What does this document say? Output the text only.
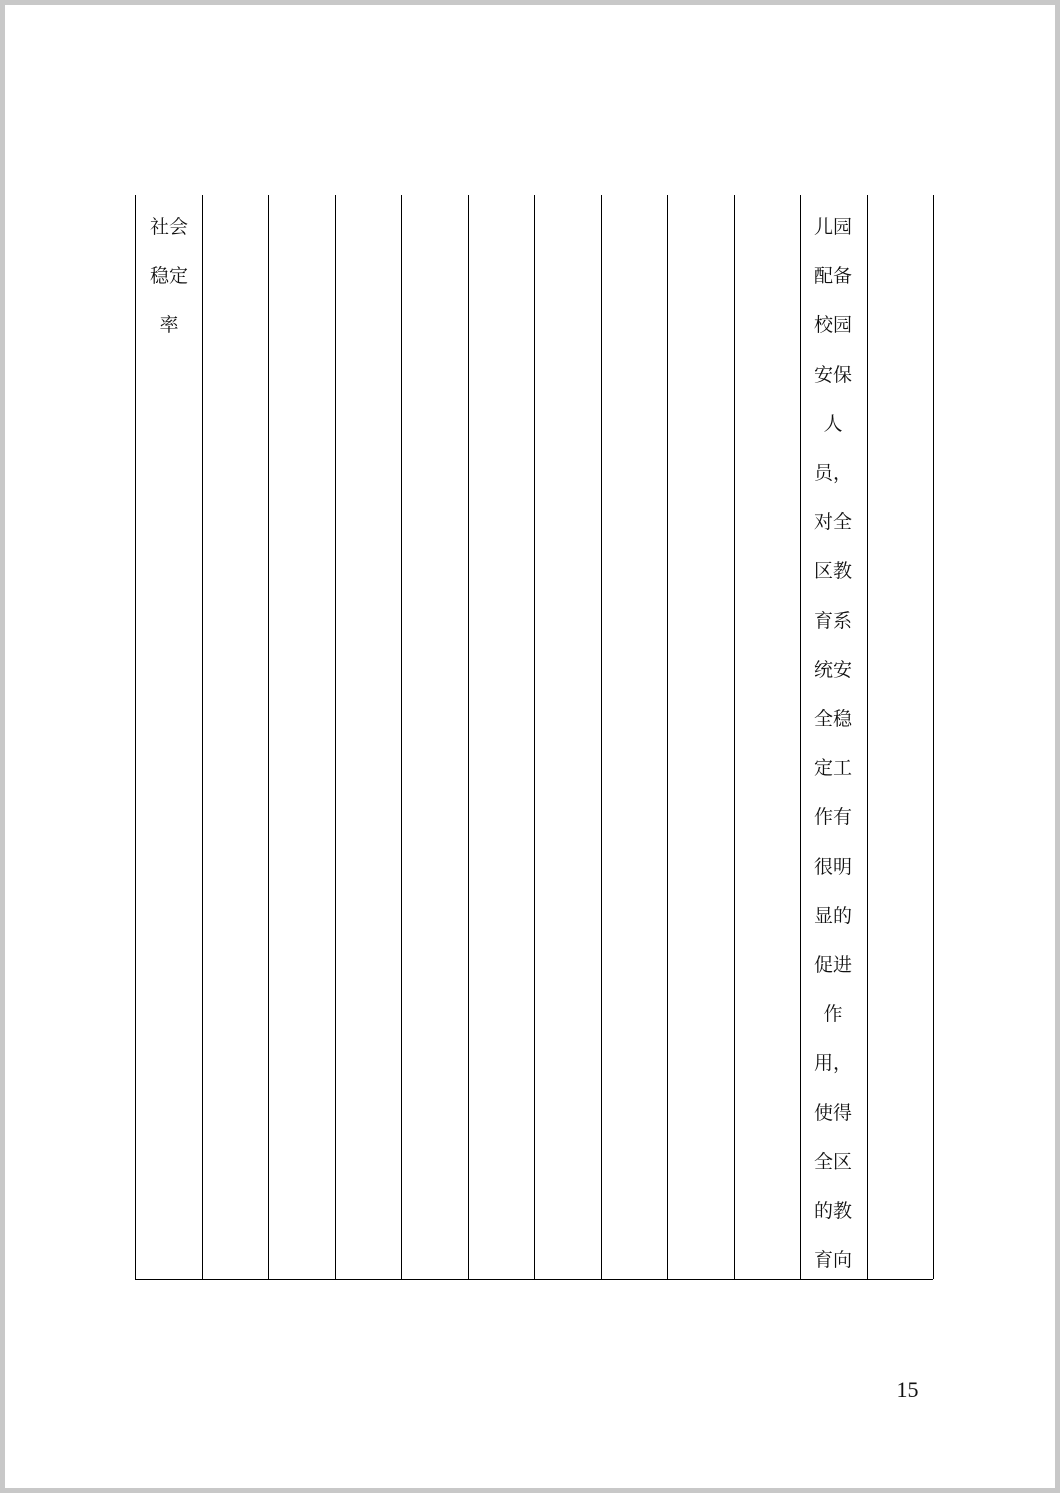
社会
稳定
率
儿园
配备
校园
安保
人
员，
对全
区教
育系
统安
全稳
定工
作有
很明
显的
促进
作
用，
使得
全区
的教
育向
15
